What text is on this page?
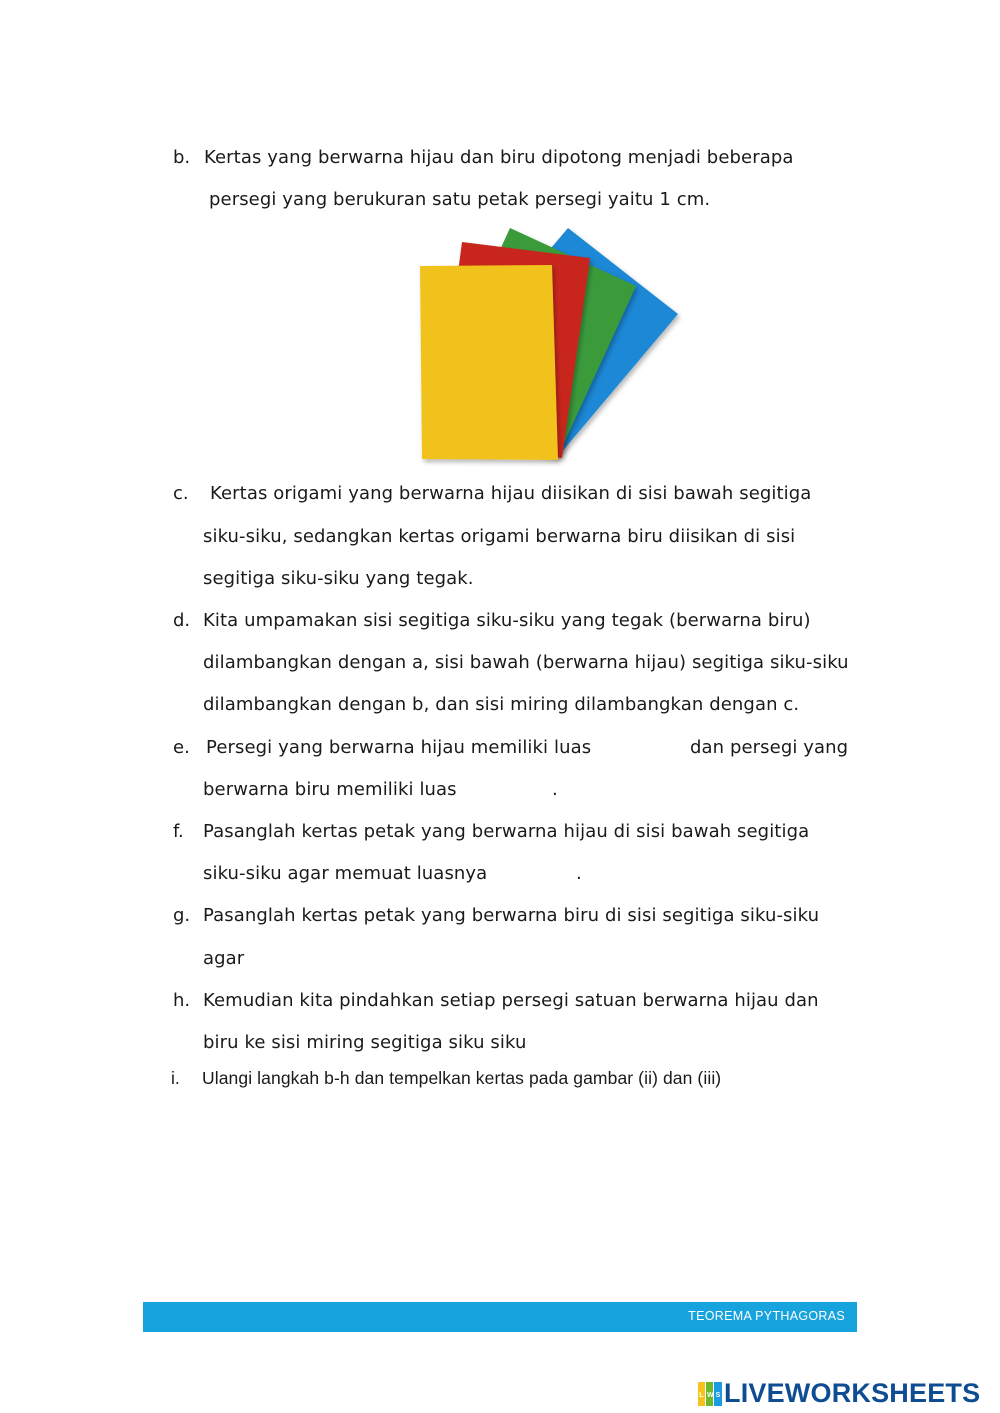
b. Kertas yang berwarna hijau dan biru dipotong menjadi beberapa
persegi yang berukuran satu petak persegi yaitu 1 cm.
c. Kertas origami yang berwarna hijau diisikan di sisi bawah segitiga
siku-siku, sedangkan kertas origami berwarna biru diisikan di sisi
segitiga siku-siku yang tegak.
d. Kita umpamakan sisi segitiga siku-siku yang tegak (berwarna biru)
dilambangkan dengan a, sisi bawah (berwarna hijau) segitiga siku-siku
dilambangkan dengan b, dan sisi miring dilambangkan dengan c.
e. Persegi yang berwarna hijau memiliki luas	dan persegi yang
berwarna biru memiliki luas	.
f. Pasanglah kertas petak yang berwarna hijau di sisi bawah segitiga
siku-siku agar memuat luasnya	.
g. Pasanglah kertas petak yang berwarna biru di sisi segitiga siku-siku
agar
h. Kemudian kita pindahkan setiap persegi satuan berwarna hijau dan
biru ke sisi miring segitiga siku siku
i. Ulangi langkah b-h dan tempelkan kertas pada gambar (ii) dan (iii)
TEOREMA PYTHAGORAS
L W S LIVEWORKSHEETS
